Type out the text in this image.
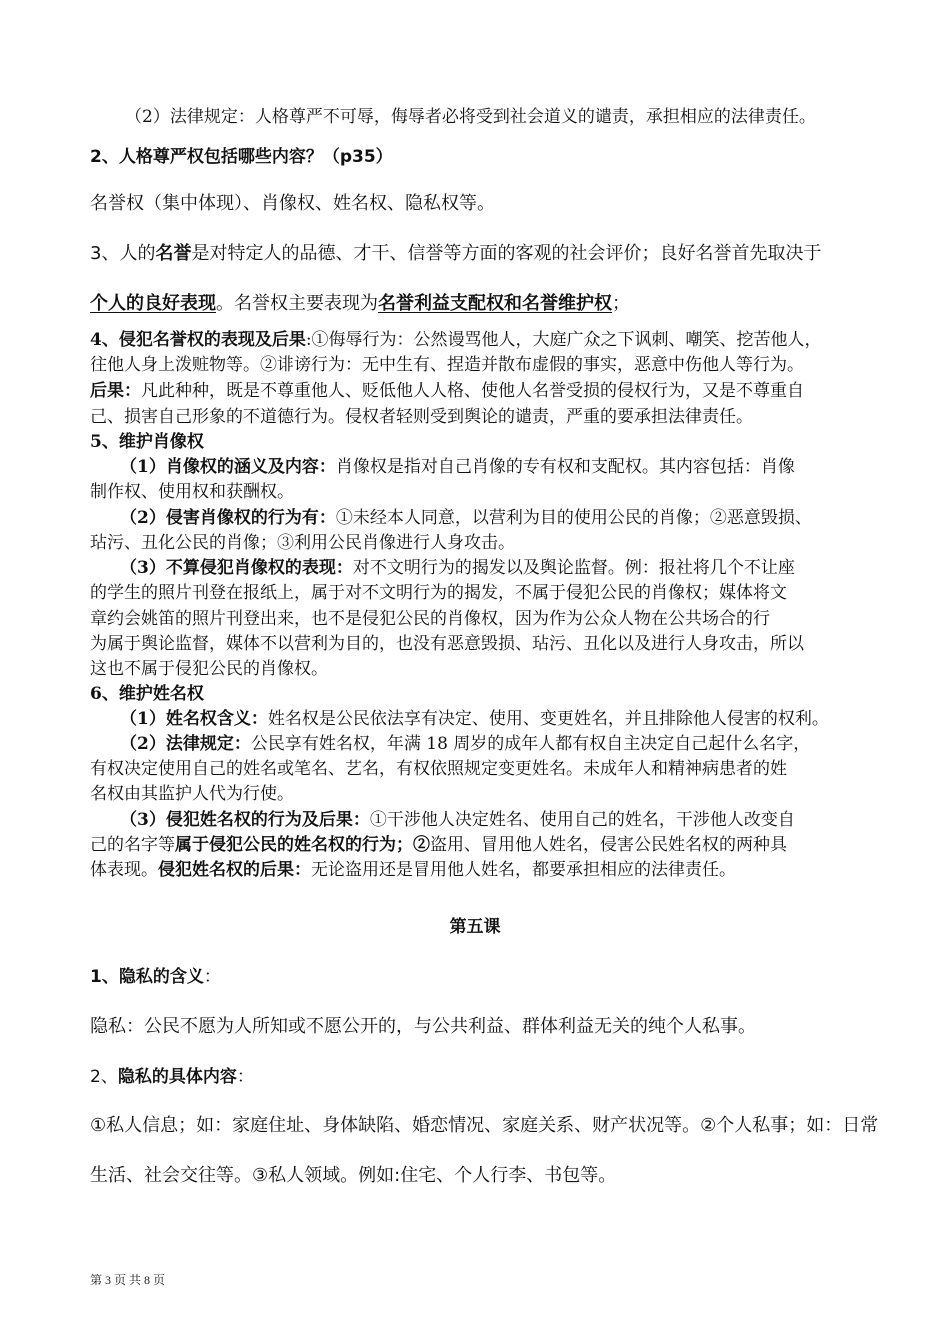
（2）法律规定：人格尊严不可辱，侮辱者必将受到社会道义的谴责，承担相应的法律责任。

2、人格尊严权包括哪些内容？（p35）

名誉权（集中体现）、肖像权、姓名权、隐私权等。

3、人的名誉是对特定人的品德、才干、信誉等方面的客观的社会评价；良好名誉首先取决于

个人的良好表现。名誉权主要表现为名誉利益支配权和名誉维护权；

4、侵犯名誉权的表现及后果:①侮辱行为：公然谩骂他人，大庭广众之下讽刺、嘲笑、挖苦他人，

往他人身上泼赃物等。②诽谤行为：无中生有、捏造并散布虚假的事实，恶意中伤他人等行为。

后果：凡此种种，既是不尊重他人、贬低他人人格、使他人名誉受损的侵权行为，又是不尊重自

己、损害自己形象的不道德行为。侵权者轻则受到舆论的谴责，严重的要承担法律责任。

5、维护肖像权

（1）肖像权的涵义及内容：肖像权是指对自己肖像的专有权和支配权。其内容包括：肖像

制作权、使用权和获酬权。

（2）侵害肖像权的行为有：①未经本人同意，以营利为目的使用公民的肖像；②恶意毁损、

玷污、丑化公民的肖像；③利用公民肖像进行人身攻击。

（3）不算侵犯肖像权的表现：对不文明行为的揭发以及舆论监督。例：报社将几个不让座

的学生的照片刊登在报纸上，属于对不文明行为的揭发，不属于侵犯公民的肖像权；媒体将文

章约会姚笛的照片刊登出来，也不是侵犯公民的肖像权，因为作为公众人物在公共场合的行

为属于舆论监督，媒体不以营利为目的，也没有恶意毁损、玷污、丑化以及进行人身攻击，所以

这也不属于侵犯公民的肖像权。

6、维护姓名权

（1）姓名权含义：姓名权是公民依法享有决定、使用、变更姓名，并且排除他人侵害的权利。

（2）法律规定：公民享有姓名权，年满 18 周岁的成年人都有权自主决定自己起什么名字，

有权决定使用自己的姓名或笔名、艺名，有权依照规定变更姓名。未成年人和精神病患者的姓

名权由其监护人代为行使。

（3）侵犯姓名权的行为及后果：①干涉他人决定姓名、使用自己的姓名，干涉他人改变自

己的名字等属于侵犯公民的姓名权的行为；②盗用、冒用他人姓名，侵害公民姓名权的两种具

体表现。侵犯姓名权的后果：无论盗用还是冒用他人姓名，都要承担相应的法律责任。

第五课

1、隐私的含义：

隐私：公民不愿为人所知或不愿公开的，与公共利益、群体利益无关的纯个人私事。

2、隐私的具体内容：

①私人信息；如：家庭住址、身体缺陷、婚恋情况、家庭关系、财产状况等。②个人私事；如：日常

生活、社会交往等。③私人领域。例如:住宅、个人行李、书包等。

第 3 页 共 8 页
